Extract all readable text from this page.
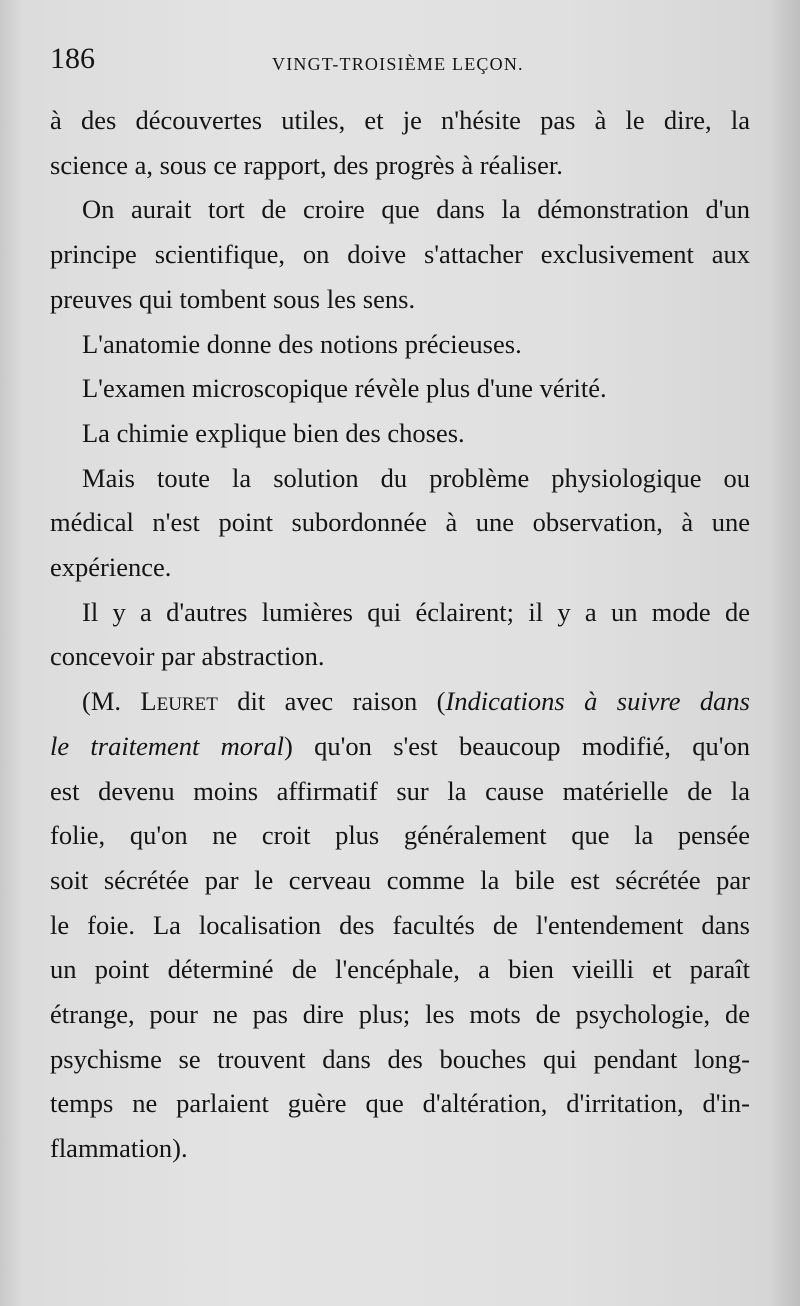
186	VINGT-TROISIÈME LEÇON.
à des découvertes utiles, et je n'hésite pas à le dire, la
science a, sous ce rapport, des progrès à réaliser.
On aurait tort de croire que dans la démonstration d'un
principe scientifique, on doive s'attacher exclusivement aux
preuves qui tombent sous les sens.
L'anatomie donne des notions précieuses.
L'examen microscopique révèle plus d'une vérité.
La chimie explique bien des choses.
Mais toute la solution du problème physiologique ou
médical n'est point subordonnée à une observation, à une
expérience.
Il y a d'autres lumières qui éclairent; il y a un mode de
concevoir par abstraction.
(M. Leuret dit avec raison (Indications à suivre dans
le traitement moral) qu'on s'est beaucoup modifié, qu'on
est devenu moins affirmatif sur la cause matérielle de la
folie, qu'on ne croit plus généralement que la pensée
soit sécrétée par le cerveau comme la bile est sécrétée par
le foie. La localisation des facultés de l'entendement dans
un point déterminé de l'encéphale, a bien vieilli et paraît
étrange, pour ne pas dire plus; les mots de psychologie, de
psychisme se trouvent dans des bouches qui pendant long-
temps ne parlaient guère que d'altération, d'irritation, d'in-
flammation).
